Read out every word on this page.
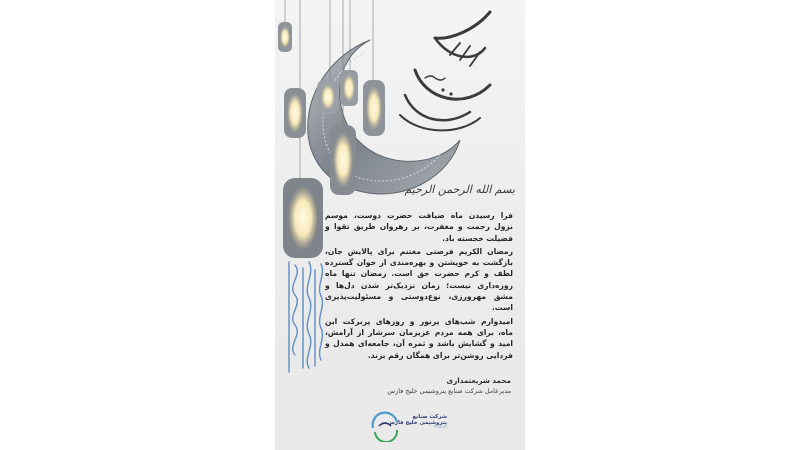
بسم الله الرحمن الرحیم

فرا رسیدن ماه ضیافت حضرت دوست، موسم نزول رحمت و مغفرت، بر رهروان طریق تقوا و فضیلت خجسته باد.

رمضان الکریم فرصتی مغتنم برای پالایش جان، بازگشت به خویشتن و بهره‌مندی از خوان گسترده لطف و کرم حضرت حق است. رمضان تنها ماه روزه‌داری نیست؛ زمان نزدیک‌تر شدن دل‌ها و مشق مهرورزی، نوع‌دوستی و مسئولیت‌پذیری است.

امیدوارم شب‌های پرنور و روزهای پربرکت این ماه، برای همه مردم عزیزمان سرشار از آرامش، امید و گشایش باشد و ثمره آن، جامعه‌ای همدل و فردایی روشن‌تر برای همگان رقم بزند.

محمد شریعتمداری
مدیرعامل شرکت صنایع پتروشیمی خلیج فارس
شرکت صنایع پتروشیمی خلیج فارس
PGPIC
